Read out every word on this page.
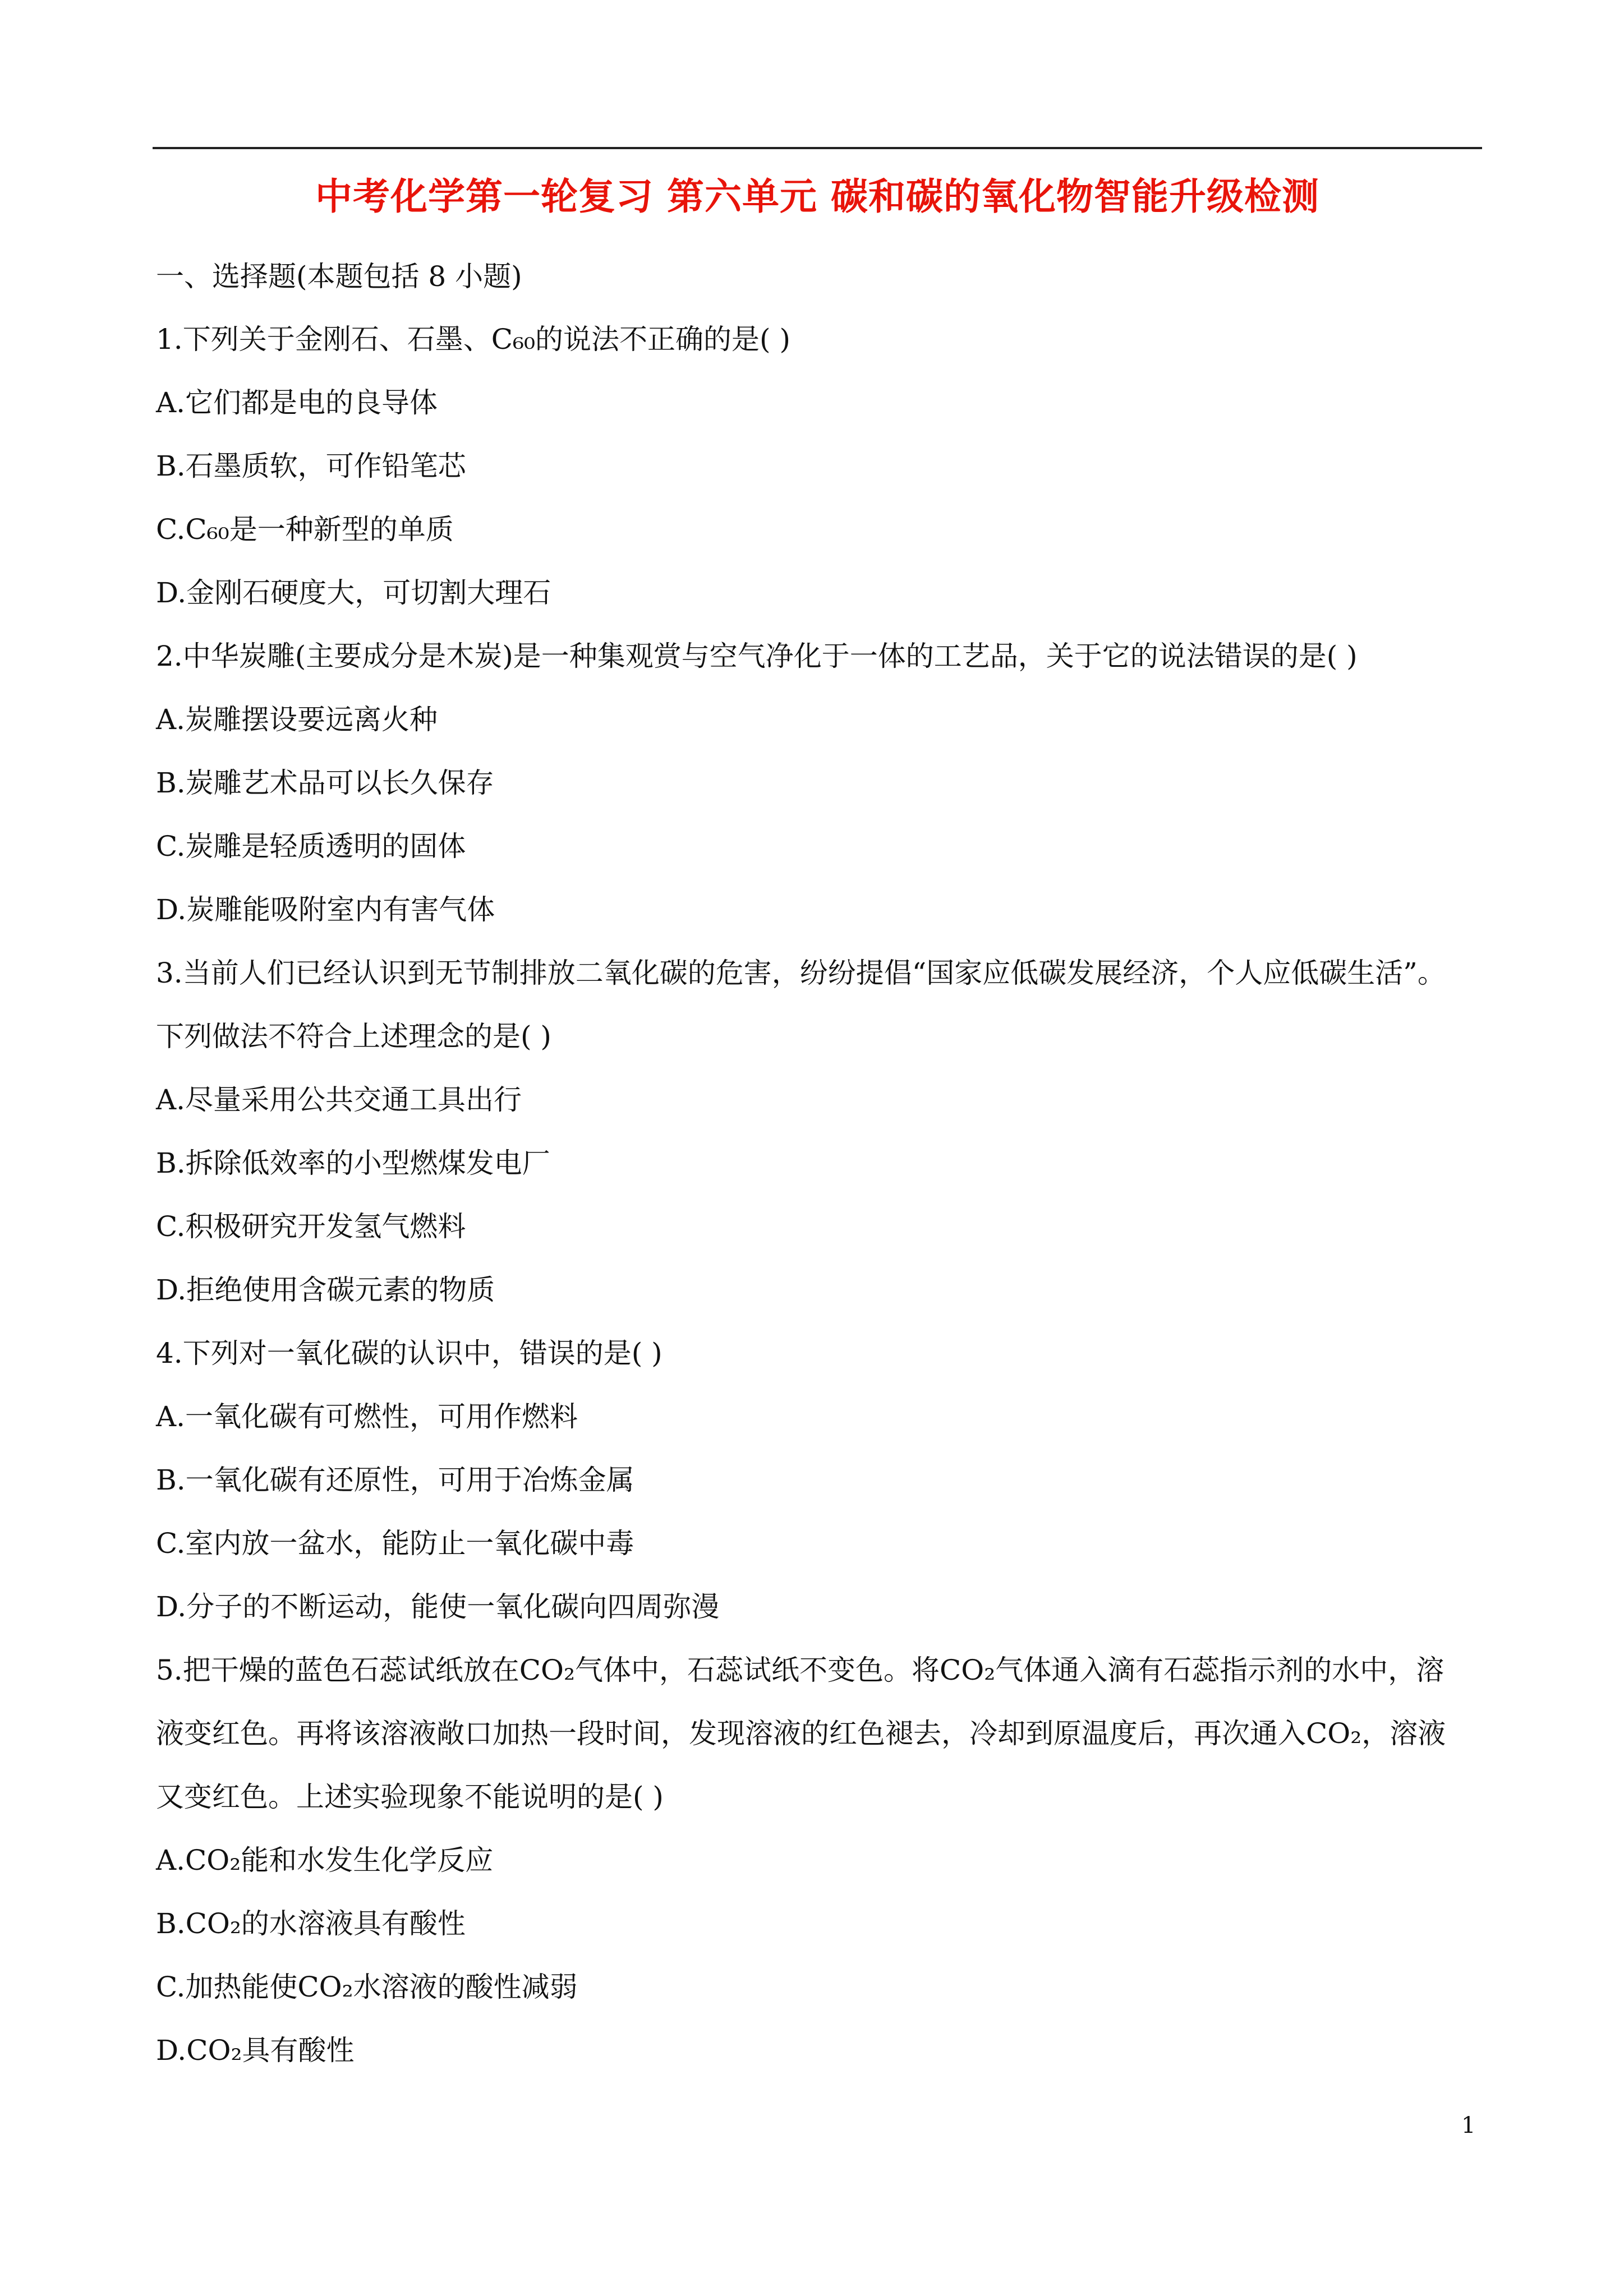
中考化学第一轮复习 第六单元 碳和碳的氧化物智能升级检测
一、选择题(本题包括 8 小题)
1.下列关于金刚石、石墨、C₆₀的说法不正确的是( )
A.它们都是电的良导体
B.石墨质软，可作铅笔芯
C.C₆₀是一种新型的单质
D.金刚石硬度大，可切割大理石
2.中华炭雕(主要成分是木炭)是一种集观赏与空气净化于一体的工艺品，关于它的说法错误的是( )
A.炭雕摆设要远离火种
B.炭雕艺术品可以长久保存
C.炭雕是轻质透明的固体
D.炭雕能吸附室内有害气体
3.当前人们已经认识到无节制排放二氧化碳的危害，纷纷提倡“国家应低碳发展经济，个人应低碳生活”。
下列做法不符合上述理念的是( )
A.尽量采用公共交通工具出行
B.拆除低效率的小型燃煤发电厂
C.积极研究开发氢气燃料
D.拒绝使用含碳元素的物质
4.下列对一氧化碳的认识中，错误的是( )
A.一氧化碳有可燃性，可用作燃料
B.一氧化碳有还原性，可用于冶炼金属
C.室内放一盆水，能防止一氧化碳中毒
D.分子的不断运动，能使一氧化碳向四周弥漫
5.把干燥的蓝色石蕊试纸放在CO₂气体中，石蕊试纸不变色。将CO₂气体通入滴有石蕊指示剂的水中，溶
液变红色。再将该溶液敞口加热一段时间，发现溶液的红色褪去，冷却到原温度后，再次通入CO₂，溶液
又变红色。上述实验现象不能说明的是( )
A.CO₂能和水发生化学反应
B.CO₂的水溶液具有酸性
C.加热能使CO₂水溶液的酸性减弱
D.CO₂具有酸性
1
